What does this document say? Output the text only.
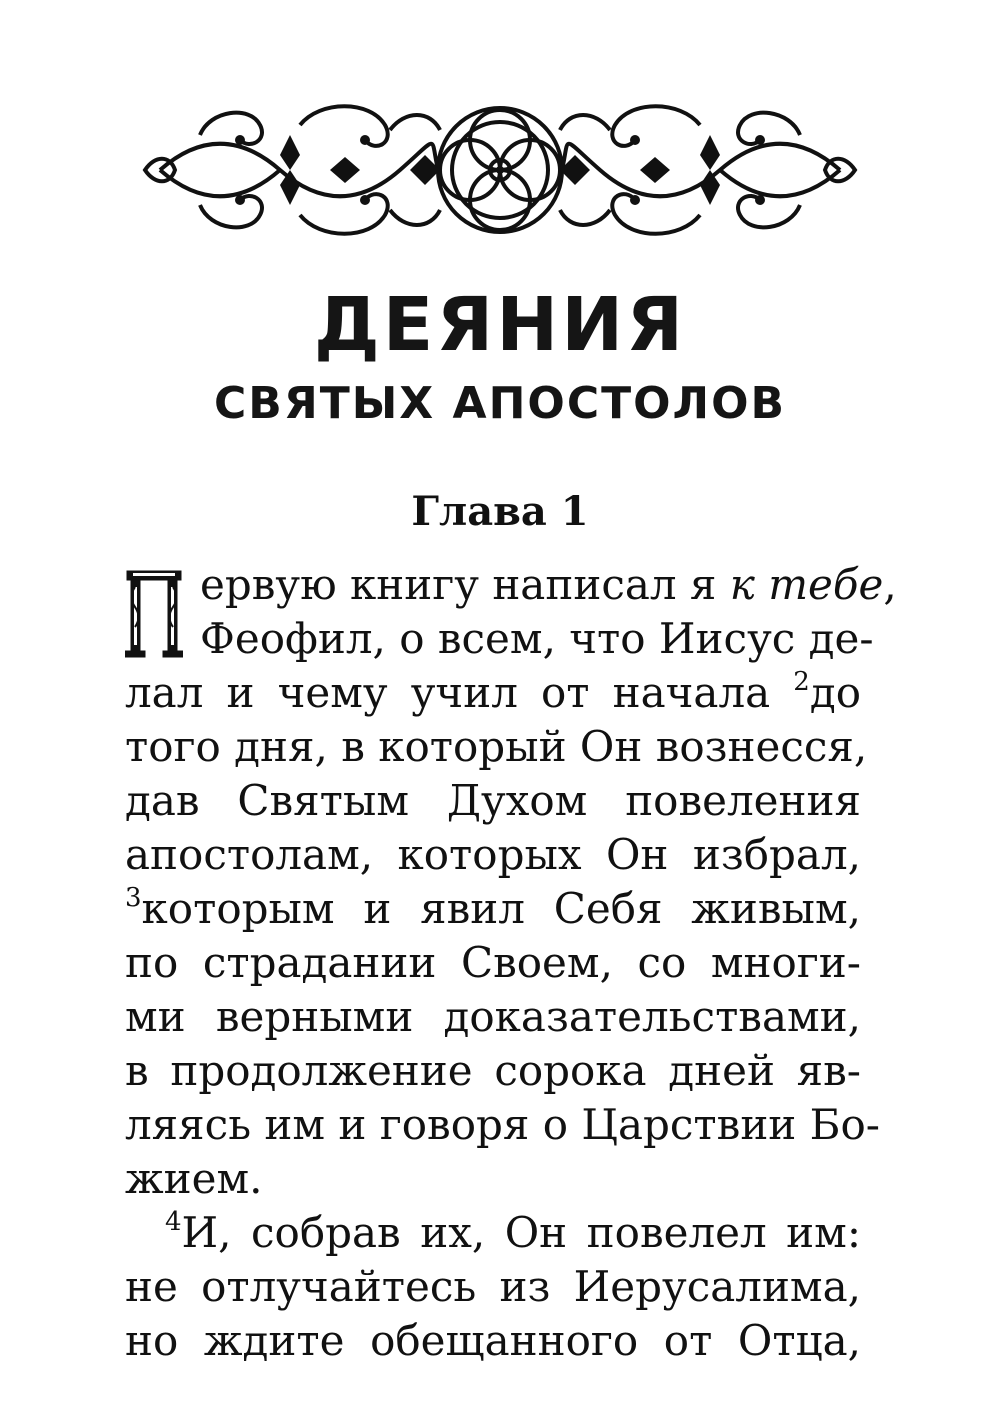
ДЕЯНИЯ
СВЯТЫХ АПОСТОЛОВ
Глава 1
ервую книгу написал я к тебе,
Феофил, о всем, что Иисус де-
лал и чему учил от начала $^2$до
того дня, в который Он вознесся,
дав Святым Духом повеления
апостолам, которых Он избрал,
$^3$которым и явил Себя живым,
по страдании Своем, со многи-
ми верными доказательствами,
в продолжение сорока дней яв-
ляясь им и говоря о Царствии Бо-
жием.
$^4$И, собрав их, Он повелел им:
не отлучайтесь из Иерусалима,
но ждите обещанного от Отца,
